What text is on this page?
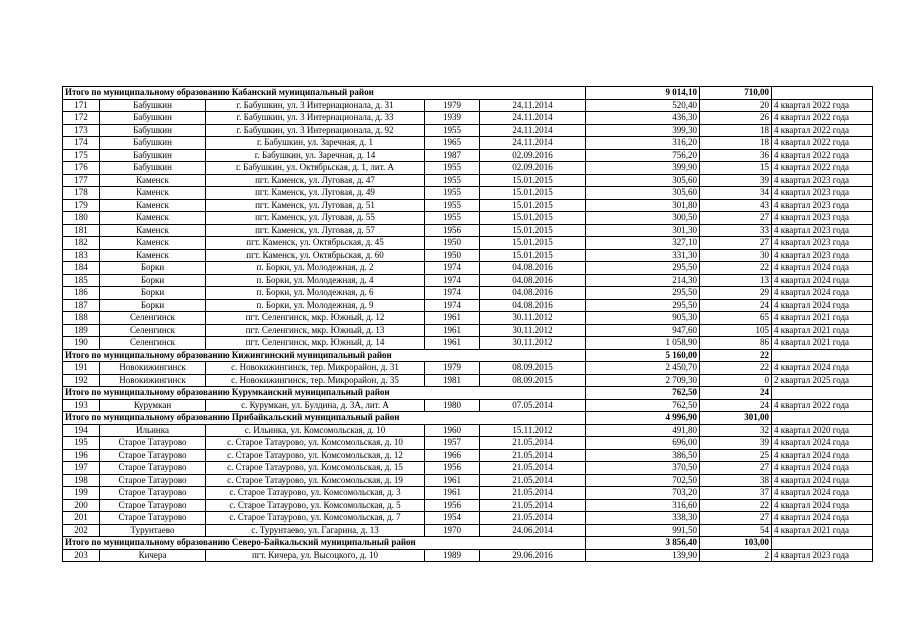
Итого по муниципальному образованию Кабанский муниципальный район					9 014,10	710,00	
171	Бабушкин	г. Бабушкин, ул. 3 Интернационала, д. 31	1979	24.11.2014	520,40	20	4 квартал 2022 года
172	Бабушкин	г. Бабушкин, ул. 3 Интернационала, д. 33	1939	24.11.2014	436,30	26	4 квартал 2022 года
173	Бабушкин	г. Бабушкин, ул. 3 Интернационала, д. 92	1955	24.11.2014	399,30	18	4 квартал 2022 года
174	Бабушкин	г. Бабушкин, ул. Заречная, д. 1	1965	24.11.2014	316,20	18	4 квартал 2022 года
175	Бабушкин	г. Бабушкин, ул. Заречная, д. 14	1987	02.09.2016	756,20	36	4 квартал 2022 года
176	Бабушкин	г. Бабушкин, ул. Октябрьская, д. 1, лит. А	1955	02.09.2016	399,90	15	4 квартал 2022 года
177	Каменск	пгт. Каменск, ул. Луговая, д. 47	1955	15.01.2015	305,60	39	4 квартал 2023 года
178	Каменск	пгт. Каменск, ул. Луговая, д. 49	1955	15.01.2015	305,60	34	4 квартал 2023 года
179	Каменск	пгт. Каменск, ул. Луговая, д. 51	1955	15.01.2015	301,80	43	4 квартал 2023 года
180	Каменск	пгт. Каменск, ул. Луговая, д. 55	1955	15.01.2015	300,50	27	4 квартал 2023 года
181	Каменск	пгт. Каменск, ул. Луговая, д. 57	1956	15.01.2015	301,30	33	4 квартал 2023 года
182	Каменск	пгт. Каменск, ул. Октябрьская, д. 45	1950	15.01.2015	327,10	27	4 квартал 2023 года
183	Каменск	пгт. Каменск, ул. Октябрьская, д. 60	1950	15.01.2015	331,30	30	4 квартал 2023 года
184	Борки	п. Борки, ул. Молодежная, д. 2	1974	04.08.2016	295,50	22	4 квартал 2024 года
185	Борки	п. Борки, ул. Молодежная, д. 4	1974	04.08.2016	214,30	13	4 квартал 2024 года
186	Борки	п. Борки, ул. Молодежная, д. 6	1974	04.08.2016	295,50	29	4 квартал 2024 года
187	Борки	п. Борки, ул. Молодежная, д. 9	1974	04.08.2016	295,50	24	4 квартал 2024 года
188	Селенгинск	пгт. Селенгинск, мкр. Южный, д. 12	1961	30.11.2012	905,30	65	4 квартал 2021 года
189	Селенгинск	пгт. Селенгинск, мкр. Южный, д. 13	1961	30.11.2012	947,60	105	4 квартал 2021 года
190	Селенгинск	пгт. Селенгинск, мкр. Южный, д. 14	1961	30.11.2012	1 058,90	86	4 квартал 2021 года
Итого по муниципальному образованию Кижингинский муниципальный район					5 160,00	22	
191	Новокижингинск	с. Новокижингинск, тер. Микрорайон, д. 31	1979	08.09.2015	2 450,70	22	4 квартал 2024 года
192	Новокижингинск	с. Новокижингинск, тер. Микрорайон, д. 35	1981	08.09.2015	2 709,30	0	2 квартал 2025 года
Итого по муниципальному образованию Курумканский муниципальный район					762,50	24	
193	Курумкан	с. Курумкан, ул. Булдина, д. 3А, лит. А	1980	07.05.2014	762,50	24	4 квартал 2022 года
Итого по муниципальному образованию Прибайкальский муниципальный район					4 996,90	301,00	
194	Ильинка	с. Ильинка, ул. Комсомольская, д. 10	1960	15.11.2012	491,80	32	4 квартал 2020 года
195	Старое Татаурово	с. Старое Татаурово, ул. Комсомольская, д. 10	1957	21.05.2014	696,00	39	4 квартал 2024 года
196	Старое Татаурово	с. Старое Татаурово, ул. Комсомольская, д. 12	1966	21.05.2014	386,50	25	4 квартал 2024 года
197	Старое Татаурово	с. Старое Татаурово, ул. Комсомольская, д. 15	1956	21.05.2014	370,50	27	4 квартал 2024 года
198	Старое Татаурово	с. Старое Татаурово, ул. Комсомольская, д. 19	1961	21.05.2014	702,50	38	4 квартал 2024 года
199	Старое Татаурово	с. Старое Татаурово, ул. Комсомольская, д. 3	1961	21.05.2014	703,20	37	4 квартал 2024 года
200	Старое Татаурово	с. Старое Татаурово, ул. Комсомольская, д. 5	1956	21.05.2014	316,60	22	4 квартал 2024 года
201	Старое Татаурово	с. Старое Татаурово, ул. Комсомольская, д. 7	1954	21.05.2014	338,30	27	4 квартал 2024 года
202	Турунтаево	с. Турунтаево, ул. Гагарина, д. 13	1970	24.06.2014	991,50	54	4 квартал 2021 года
Итого по муниципальному образованию Северо-Байкальский муниципальный район					3 856,40	103,00	
203	Кичера	пгт. Кичера, ул. Высоцкого, д. 10	1989	29.06.2016	139,90	2	4 квартал 2023 года
